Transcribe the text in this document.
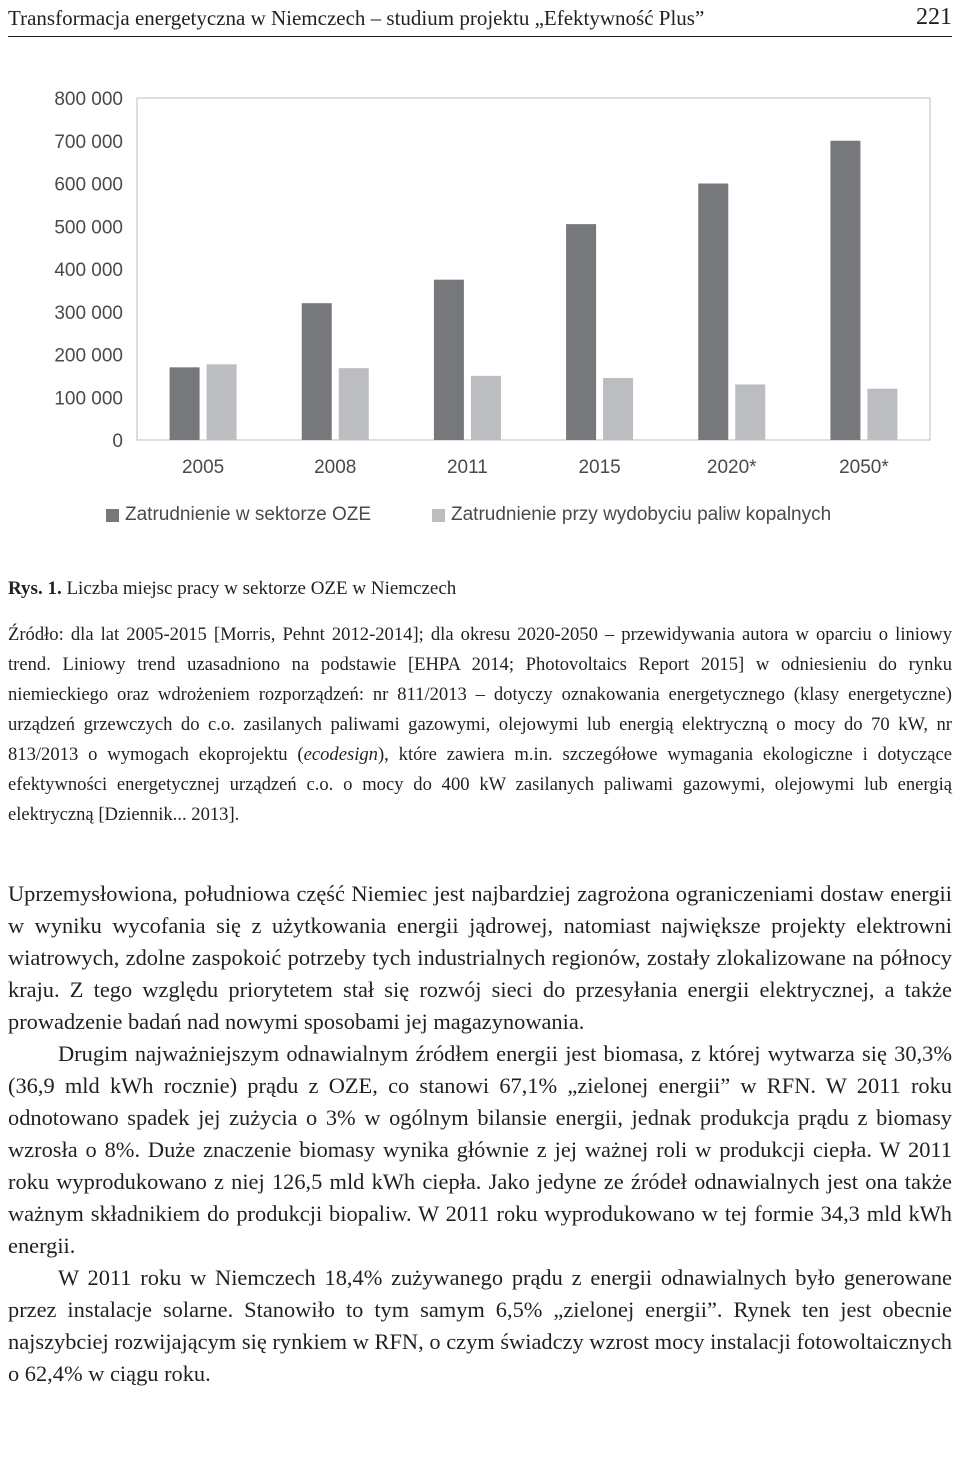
Transformacja energetyczna w Niemczech – studium projektu „Efektywność Plus”	221
0
100 000
200 000
300 000
400 000
500 000
600 000
700 000
800 000
2005	2008	2011	2015	2020*	2050*
Zatrudnienie w sektorze OZE	Zatrudnienie przy wydobyciu paliw kopalnych
Rys. 1. Liczba miejsc pracy w sektorze OZE w Niemczech
Źródło: dla lat 2005-2015 [Morris, Pehnt 2012-2014]; dla okresu 2020-2050 – przewidywania autora w oparciu o liniowy trend. Liniowy trend uzasadniono na podstawie [EHPA 2014; Photovoltaics Report 2015] w odniesieniu do rynku niemieckiego oraz wdrożeniem rozporządzeń: nr 811/2013 – dotyczy oznakowania energetycznego (klasy energetyczne) urządzeń grzewczych do c.o. zasilanych paliwami gazowymi, olejowymi lub energią elektryczną o mocy do 70 kW, nr 813/2013 o wymogach ekoprojektu (ecodesign), które zawiera m.in. szczegółowe wymagania ekologiczne i dotyczące efektywności energetycznej urządzeń c.o. o mocy do 400 kW zasilanych paliwami gazowymi, olejowymi lub energią elektryczną [Dziennik... 2013].

Uprzemysłowiona, południowa część Niemiec jest najbardziej zagrożona ograniczeniami dostaw energii w wyniku wycofania się z użytkowania energii jądrowej, natomiast największe projekty elektrowni wiatrowych, zdolne zaspokoić potrzeby tych industrialnych regionów, zostały zlokalizowane na północy kraju. Z tego względu priorytetem stał się rozwój sieci do przesyłania energii elektrycznej, a także prowadzenie badań nad nowymi sposobami jej magazynowania.

Drugim najważniejszym odnawialnym źródłem energii jest biomasa, z której wytwarza się 30,3% (36,9 mld kWh rocznie) prądu z OZE, co stanowi 67,1% „zielonej energii” w RFN. W 2011 roku odnotowano spadek jej zużycia o 3% w ogólnym bilansie energii, jednak produkcja prądu z biomasy wzrosła o 8%. Duże znaczenie biomasy wynika głównie z jej ważnej roli w produkcji ciepła. W 2011 roku wyprodukowano z niej 126,5 mld kWh ciepła. Jako jedyne ze źródeł odnawialnych jest ona także ważnym składnikiem do produkcji biopaliw. W 2011 roku wyprodukowano w tej formie 34,3 mld kWh energii.

W 2011 roku w Niemczech 18,4% zużywanego prądu z energii odnawialnych było generowane przez instalacje solarne. Stanowiło to tym samym 6,5% „zielonej energii”. Rynek ten jest obecnie najszybciej rozwijającym się rynkiem w RFN, o czym świadczy wzrost mocy instalacji fotowoltaicznych o 62,4% w ciągu roku.
